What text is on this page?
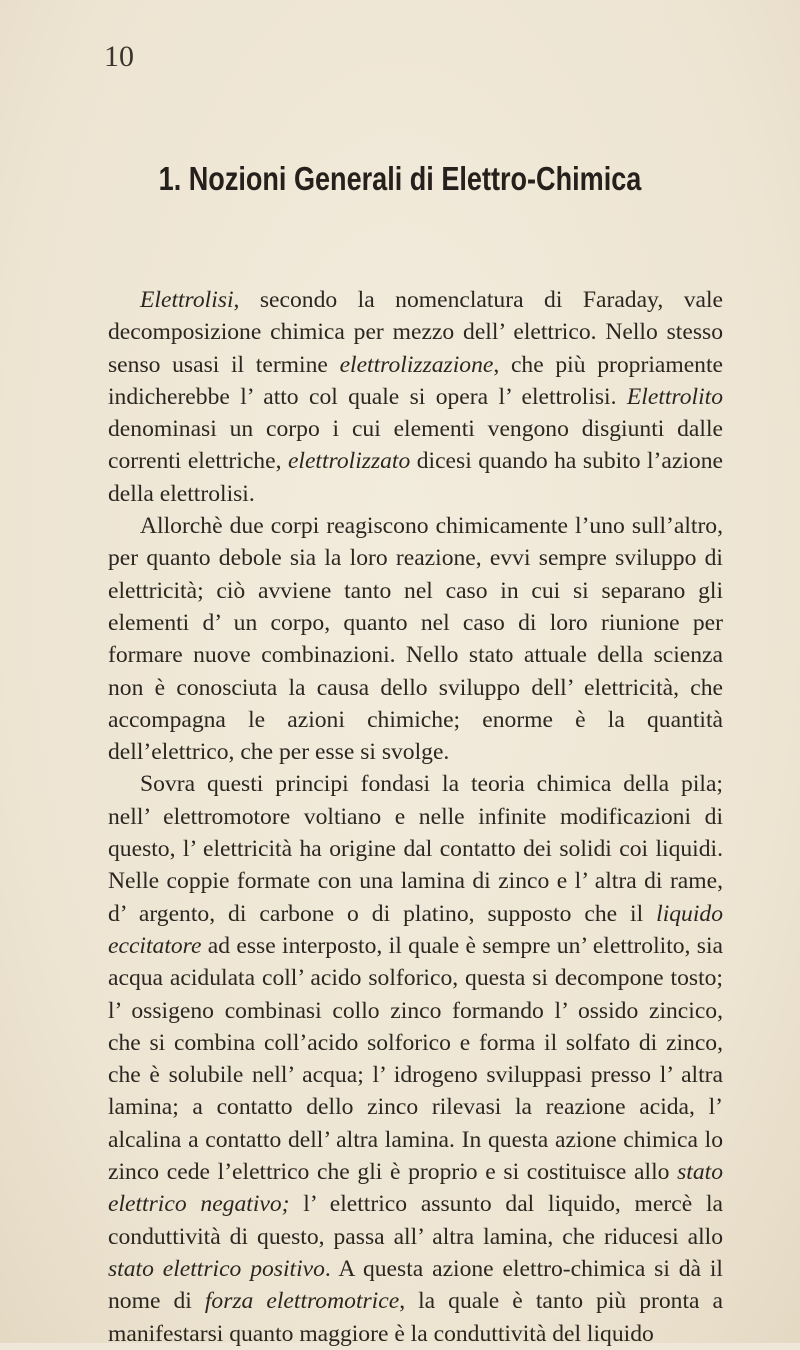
10
1. Nozioni Generali di Elettro-Chimica

Elettrolisi, secondo la nomenclatura di Faraday, vale decomposizione chimica per mezzo dell’ elettrico. Nello stesso senso usasi il termine elettrolizzazione, che più propriamente indicherebbe l’ atto col quale si opera l’ elettrolisi. Elettrolito denominasi un corpo i cui elementi vengono disgiunti dalle correnti elettriche, elettrolizzato dicesi quando ha subito l’azione della elettrolisi.

Allorchè due corpi reagiscono chimicamente l’uno sull’altro, per quanto debole sia la loro reazione, evvi sempre sviluppo di elettricità; ciò avviene tanto nel caso in cui si separano gli elementi d’ un corpo, quanto nel caso di loro riunione per formare nuove combinazioni. Nello stato attuale della scienza non è conosciuta la causa dello sviluppo dell’ elettricità, che accompagna le azioni chimiche; enorme è la quantità dell’elettrico, che per esse si svolge.

Sovra questi principi fondasi la teoria chimica della pila; nell’ elettromotore voltiano e nelle infinite modificazioni di questo, l’ elettricità ha origine dal contatto dei solidi coi liquidi. Nelle coppie formate con una lamina di zinco e l’ altra di rame, d’ argento, di carbone o di platino, supposto che il liquido eccitatore ad esse interposto, il quale è sempre un’ elettrolito, sia acqua acidulata coll’ acido solforico, questa si decompone tosto; l’ ossigeno combinasi collo zinco formando l’ ossido zincico, che si combina coll’acido solforico e forma il solfato di zinco, che è solubile nell’ acqua; l’ idrogeno sviluppasi presso l’ altra lamina; a contatto dello zinco rilevasi la reazione acida, l’ alcalina a contatto dell’ altra lamina. In questa azione chimica lo zinco cede l’elettrico che gli è proprio e si costituisce allo stato elettrico negativo; l’ elettrico assunto dal liquido, mercè la conduttività di questo, passa all’ altra lamina, che riducesi allo stato elettrico positivo. A questa azione elettro-chimica si dà il nome di forza elettromotrice, la quale è tanto più pronta a manifestarsi quanto maggiore è la conduttività del liquido
